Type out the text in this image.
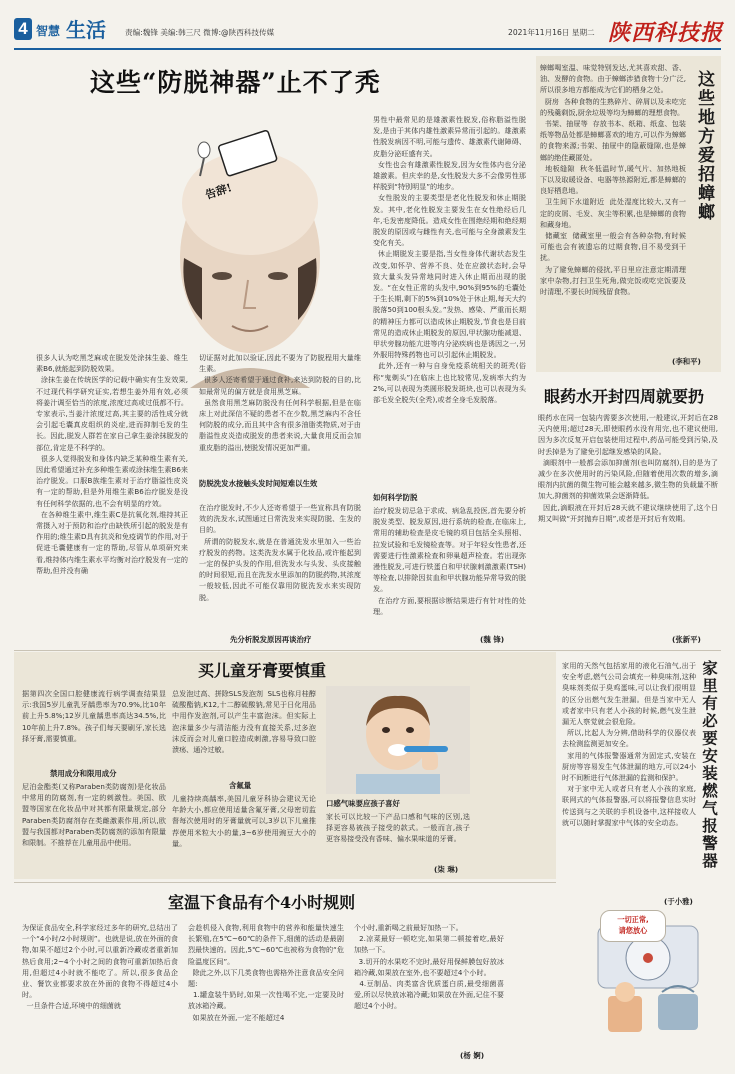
4 智慧 生活	责编:魏锋 美编:韩三尺 微博:@陕西科技传媒	2021年11月16日 星期二 陕西科技报
这些“防脱神器”止不了秃
告辞!
男性中最常见的是雄激素性脱发,俗称脂溢性脱发,是由于其体内雄性激素异常而引起的。雄激素性脱发病因不明,可能与遗传、雄激素代谢障碍、皮脂分泌旺盛有关。
女性也会有雄激素性脱发,因为女性体内也分泌雄激素。但庆幸的是,女性脱发大多不会像男性那样脱到“特别明显”的地步。
女性脱发的主要类型是老化性脱发和休止期脱发。其中,老化性脱发主要发生在女性绝经后几年,毛发密度降低。造成女性在围绝经期和绝经期脱发的原因或与雌性有关,也可能与全身激素发生变化有关。
休止期脱发主要是指,当女性身体代谢状态发生改变,如怀孕、营养不良、处在应激状态时,会导致大量头发异常地同时进入休止期而出现的脱发。“在女性正常的头发中,90%到95%的毛囊处于生长期,剩下的5%到10%处于休止期,每天大约脱落50到100根头发。”发热、感染、严重而长期的精神压力都可以造成休止期脱发,节食也是目前常见的造成休止期脱发的原因,甲状腺功能减退、甲状旁腺功能亢进等内分泌疾病也是诱因之一,另外服用特殊药物也可以引起休止期脱发。
此外,还有一种与自身免疫系统相关的斑秃(俗称“鬼剃头”)在临床上也比较常见,发病率大约为2%,可以表现为类圆形脱发斑块,也可以表现为头部毛发全脱失(全秃),或者全身毛发脱落。
如何科学防脱
治疗脱发切忌急于求成、病急乱投医,首先要分析脱发类型、脱发原因,进行系统的检查,在临床上,常用的辅助检查是皮毛镜的项目包括全头照相、拉发试验和毛发镜检查等。对于年轻女性患者,还需要进行性激素检查和卵巢超声检查。若出现弥漫性脱发,可进行铁蛋白和甲状腺刺激激素(TSH)等检查,以排除因贫血和甲状腺功能异常导致的脱发。
在治疗方面,要根据诊断结果进行有针对性的处理。
(魏 锋)
很多人认为吃黑芝麻或在脱发处涂抹生姜、维生素B6,就能起到防脱效果。
涂抹生姜在传统医学的记载中确实有生发效果,不过现代科学研究证实,若想生姜外用有效,必须将姜汁调至恰当的浓度,浓度过高或过低都不行。专家表示,当姜汁浓度过高,其主要的活性成分就会引起毛囊真皮组织的炎症,进而抑制毛发的生长。因此,脱发人群若在家自己拿生姜涂抹脱发的部位,肯定是不科学的。
很多人觉得脱发和身体内缺乏某种维生素有关,因此希望通过补充多种维生素或涂抹维生素B6来治疗脱发。口服B族维生素对于治疗脂溢性皮炎有一定的帮助,但是外用维生素B6治疗脱发是没有任何科学依据的,也不会有明显的疗效。
在各种维生素中,维生素C是抗氧化剂,维持其正常摄入对于预防和治疗由缺铁所引起的脱发是有作用的;维生素D具有抗炎和免疫调节的作用,对于促进毛囊健康有一定的帮助,尽管从单项研究来看,维持体内维生素水平均衡对治疗脱发有一定的帮助,但并没有确
切证据对此加以验证,因此不要为了防脱程用大量维生素。
很多人还寄希望于通过食补,来达到防脱的目的,比如最常见的偏方就是食用黑芝麻。
虽然食用黑芝麻防脱没有任何科学根据,但是在临床上对此深信不疑的患者不在少数,黑芝麻内不含任何防脱的成分,而且其中含有很多油脂类物质,对于由脂溢性皮炎造成脱发的患者来说,大量食用反而会加重皮脂的溢出,使脱发情况更加严重。
防脱洗发水接触头发时间短难以生效
在治疗脱发时,不少人还寄希望于一些宣称具有防脱效的洗发水,试图通过日常洗发来实现防脱、生发的目的。
所谓的防脱发水,就是在普通洗发水里加入一些治疗脱发的药物。这类洗发水属于化妆品,或许能起到一定的保护头发的作用,但洗发水与头发、头皮接触的时间很短,而且在洗发水里添加的防脱药物,其浓度一般较低,因此不可能仅靠用防脱洗发水来实现防脱。
先分析脱发原因再谈治疗
蟑螂喝室温、味觉特别发达,尤其喜欢甜、香、油、发酵的食物。由于蟑螂涉猎食物十分广泛,所以很多地方都能成为它们的栖身之处。
厨房  各种食物的生熟碎片、碎屑以及未吃完的残羹剩饭,厨余垃圾等均为蟑螂的理想食物。
书架、抽屉等  存放书本、纸箱、纸盒、包装纸等物品处都是蟑螂喜欢的地方,可以作为蟑螂的食物来源;书架、抽屉中的隐蔽缝隙,也是蟑螂的绝佳藏匿处。
地板缝隙  秋冬低温时节,暖气片、加热地板下以及取暖设备、电器等热源附近,都是蟑螂的良好栖息地。
卫生间下水道附近  此处湿度比较大,又有一定的皮屑、毛发、灰尘等积累,也是蟑螂的食物和藏身地。
储藏室  储藏室里一般会有各种杂物,有时候可能也会有被遗忘的过期食物,目不易受到干扰。
为了避免蟑螂的侵扰,平日里应注意定期清理家中杂物,打扫卫生死角,做完饭或吃完饭要及时清理,不要长时间残留食物。
这些地方爱招蟑螂
(李和平)
眼药水开封四周就要扔
眼药水在同一包装内需要多次使用,一般建议,开封后在28天内使用;超过28天,即使眼药水没有用完,也不建议使用,因为多次反复开启包装使用过程中,药品可能受到污染,及时丢掉是为了避免引起继发感染的风险。
滴眼剂中一般都会添加抑菌剂(也叫防腐剂),目的是为了减少在多次使用时的污染风险,但随着使用次数的增多,滴眼剂内抗菌的微生物可能会越来越多,微生物的负载量不断加大,抑菌剂的抑菌效果会逐渐降低。
因此,滴眼液在开封后28天就不建议继续使用了,这个日期又叫做“开封抛弃日期”,或者是开封后有效期。
(张新平)
买儿童牙膏要慎重
据第四次全国口腔健康流行病学调查结果显示:我国5岁儿童乳牙龋患率为70.9%,比10年前上升5.8%;12岁儿童龋患率高达34.5%,比10年前上升7.8%。孩子们每天要刷牙,家长选择牙膏,需要慎重。
禁用成分和限用成分
尼泊金酯类(又称Paraben类防腐剂)是化妆品中常用的防腐剂,有一定的刺激性。美国、欧盟等国家在化妆品中对其都有限量规定,部分Paraben类防腐剂存在类雌激素作用,所以,欧盟与我国都对Paraben类防腐剂的添加有限量和限制。不推荐在儿童用品中使用。
总发泡过高、拼除SLS发泡剂  SLS也称月桂醇硫酸酯钠,K12,十二醇硫酸钠,常见于日化用品中用作发泡剂,可以产生丰富泡沫。但实际上泡沫量多少与清洁能力没有直接关系,过多泡沫反而会对儿童口腔造成刺激,容易导致口腔溃疡、通冷过敏。
含氟量
儿童持续高龋率,美国儿童牙科协会建议无论年龄大小,都应使用适量含氟牙膏,父母密切监督每次使用时的牙膏量就可以,3岁以下儿童推荐使用米粒大小的量,3~6岁使用豌豆大小的量。
口感气味要应孩子喜好
家长可以比较一下产品口感和气味的区别,选择更容易被孩子接受的款式。一般而言,孩子更容易接受没有香味、偏水果味道的牙膏。
(柒 琳)
家用的天然气包括家用的液化石油气,出于安全考虑,燃气公司会填充一种臭味剂,这种臭味剂类似于臭鸡蛋味,可以让我们很明显的区分出燃气发生泄漏。但是当家中无人或者家中只有老人小孩的时候,燃气发生泄漏无人察觉就会很危险。
所以,比起人为分辨,借助科学的仪器仪表去检测监测更加安全。
家用的气体报警器通常为固定式,安装在厨房等容易发生气体泄漏的地方,可以24小时不间断进行气体泄漏的监测和保护。
对于家中无人或者只有老人小孩的家庭,联网式的气体报警器,可以将报警信息实时传送到与之关联的手机设备中,这样接收人就可以随时掌握家中气体的安全动态。	家里有必要安装燃气报警器
(于小雅)
一切正常,
请您放心
室温下食品有个4小时规则
为保证食品安全,科学家经过多年的研究,总结出了一个“4小时/2小时规则”。也就是说,放在外面的食物,如果不超过2个小时,可以重新冷藏或者重新加热后食用;2~4个小时之间的食物可重新加热后食用,但超过4小时就不能吃了。所以,很多食品企业、餐饮业都要求放在外面的食物不得超过4小时。
一旦条件合适,环境中的细菌就
会趁机侵入食物,利用食物中的营养和能量快速生长繁殖,在5℃~60℃的条件下,细菌的活动是最剧烈最快速的。因此,5℃~60℃也被称为食物的“危险温度区间”。
除此之外,以下几类食物也需格外注意食品安全问题:
1.罐盒装牛奶时,如果一次性喝不完,一定要及时放冰箱冷藏。
如果放在外面,一定不能超过4
个小时,重新喝之前最好加热一下。
2.凉菜最好一顿吃完,如果第二顿接着吃,最好加热一下。
3.切开的水果吃不完时,最好用保鲜膜包好放冰箱冷藏,如果放在室外,也不要超过4个小时。
4.豆制品、肉类富含优质蛋白质,最受细菌喜爱,所以尽快放冰箱冷藏;如果放在外面,记住不要超过4个小时。
(杨 婀)
